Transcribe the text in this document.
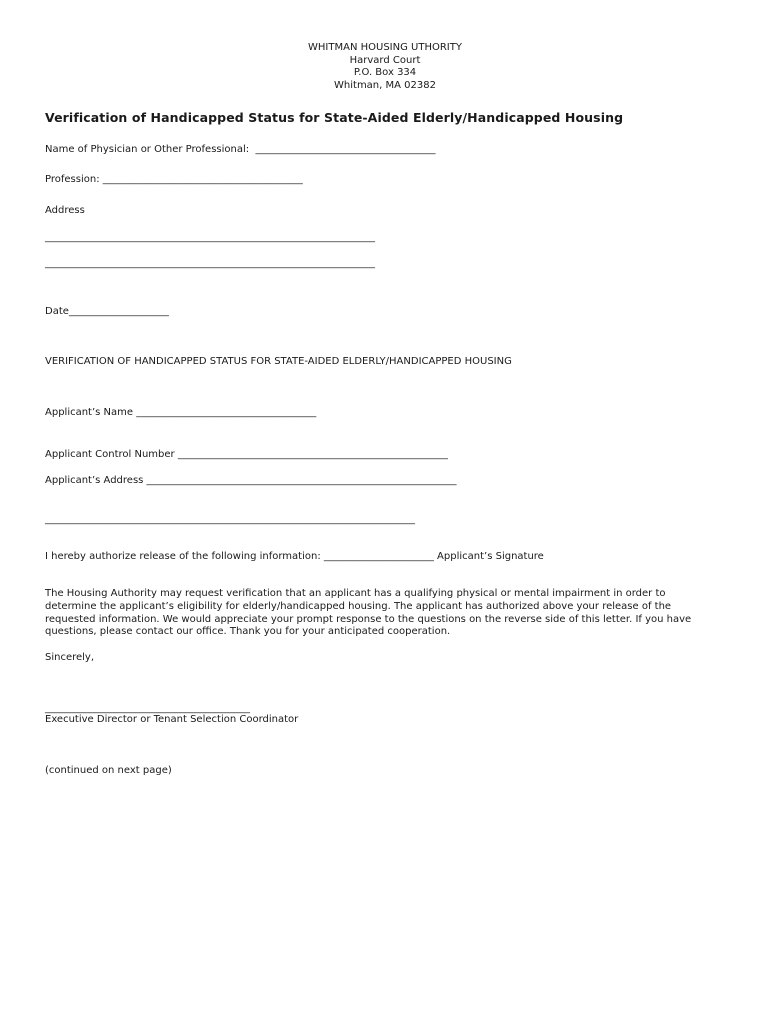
WHITMAN HOUSING UTHORITY
Harvard Court
P.O. Box 334
Whitman, MA 02382
Verification of Handicapped Status for State-Aided Elderly/Handicapped Housing
Name of Physician or Other Professional:  ____________________________________
Profession: ________________________________________
Address
__________________________________________________________________
__________________________________________________________________
Date____________________
VERIFICATION OF HANDICAPPED STATUS FOR STATE-AIDED ELDERLY/HANDICAPPED HOUSING
Applicant’s Name ____________________________________
Applicant Control Number ______________________________________________________
Applicant’s Address ______________________________________________________________
__________________________________________________________________________
I hereby authorize release of the following information: ______________________ Applicant’s Signature
The Housing Authority may request verification that an applicant has a qualifying physical or mental impairment in order to determine the applicant’s eligibility for elderly/handicapped housing. The applicant has authorized above your release of the requested information. We would appreciate your prompt response to the questions on the reverse side of this letter. If you have questions, please contact our office. Thank you for your anticipated cooperation.
Sincerely,
_________________________________________
Executive Director or Tenant Selection Coordinator
(continued on next page)
